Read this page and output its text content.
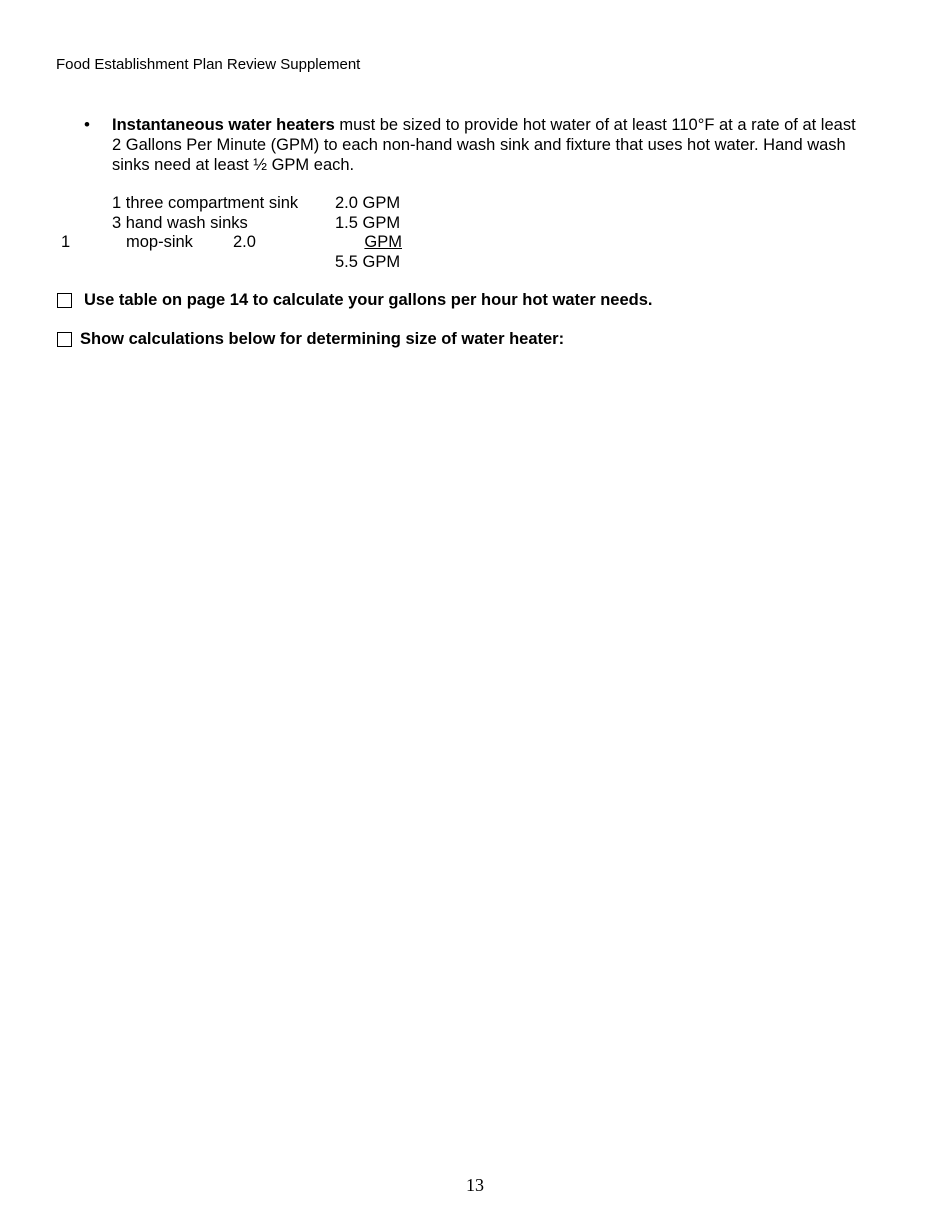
Food Establishment Plan Review Supplement
• Instantaneous water heaters must be sized to provide hot water of at least 110°F at a rate of at least
2 Gallons Per Minute (GPM) to each non-hand wash sink and fixture that uses hot water. Hand wash
sinks need at least ½ GPM each.
1 three compartment sink 2.0 GPM
3 hand wash sinks	1.5 GPM
1	mop-sink 2.0	GPM
5.5 GPM
Use table on page 14 to calculate your gallons per hour hot water needs.
Show calculations below for determining size of water heater:
13
